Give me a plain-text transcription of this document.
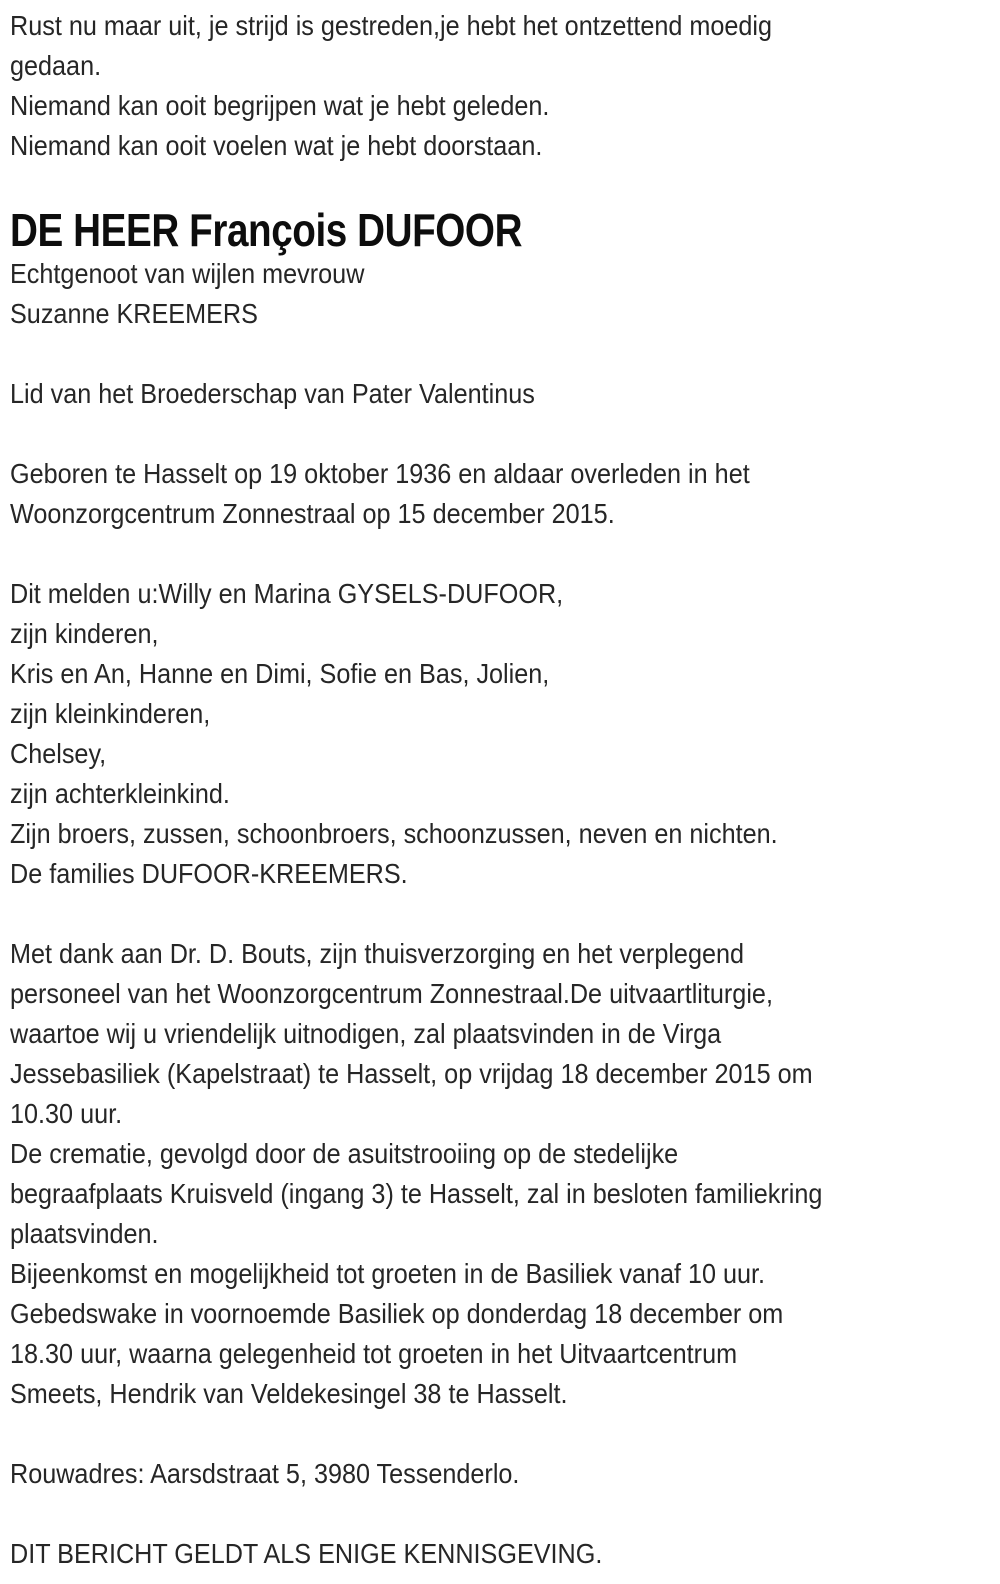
Rust nu maar uit, je strijd is gestreden,je hebt het ontzettend moedig
gedaan.
Niemand kan ooit begrijpen wat je hebt geleden.
Niemand kan ooit voelen wat je hebt doorstaan.
DE HEER François DUFOOR
Echtgenoot van wijlen mevrouw
Suzanne KREEMERS
Lid van het Broederschap van Pater Valentinus
Geboren te Hasselt op 19 oktober 1936 en aldaar overleden in het
Woonzorgcentrum Zonnestraal op 15 december 2015.
Dit melden u:Willy en Marina GYSELS-DUFOOR,
zijn kinderen,
Kris en An, Hanne en Dimi, Sofie en Bas, Jolien,
zijn kleinkinderen,
Chelsey,
zijn achterkleinkind.
Zijn broers, zussen, schoonbroers, schoonzussen, neven en nichten.
De families DUFOOR-KREEMERS.
Met dank aan Dr. D. Bouts, zijn thuisverzorging en het verplegend
personeel van het Woonzorgcentrum Zonnestraal.De uitvaartliturgie,
waartoe wij u vriendelijk uitnodigen, zal plaatsvinden in de Virga
Jessebasiliek (Kapelstraat) te Hasselt, op vrijdag 18 december 2015 om
10.30 uur.
De crematie, gevolgd door de asuitstrooiing op de stedelijke
begraafplaats Kruisveld (ingang 3) te Hasselt, zal in besloten familiekring
plaatsvinden.
Bijeenkomst en mogelijkheid tot groeten in de Basiliek vanaf 10 uur.
Gebedswake in voornoemde Basiliek op donderdag 18 december om
18.30 uur, waarna gelegenheid tot groeten in het Uitvaartcentrum
Smeets, Hendrik van Veldekesingel 38 te Hasselt.
Rouwadres: Aarsdstraat 5, 3980 Tessenderlo.
DIT BERICHT GELDT ALS ENIGE KENNISGEVING.
